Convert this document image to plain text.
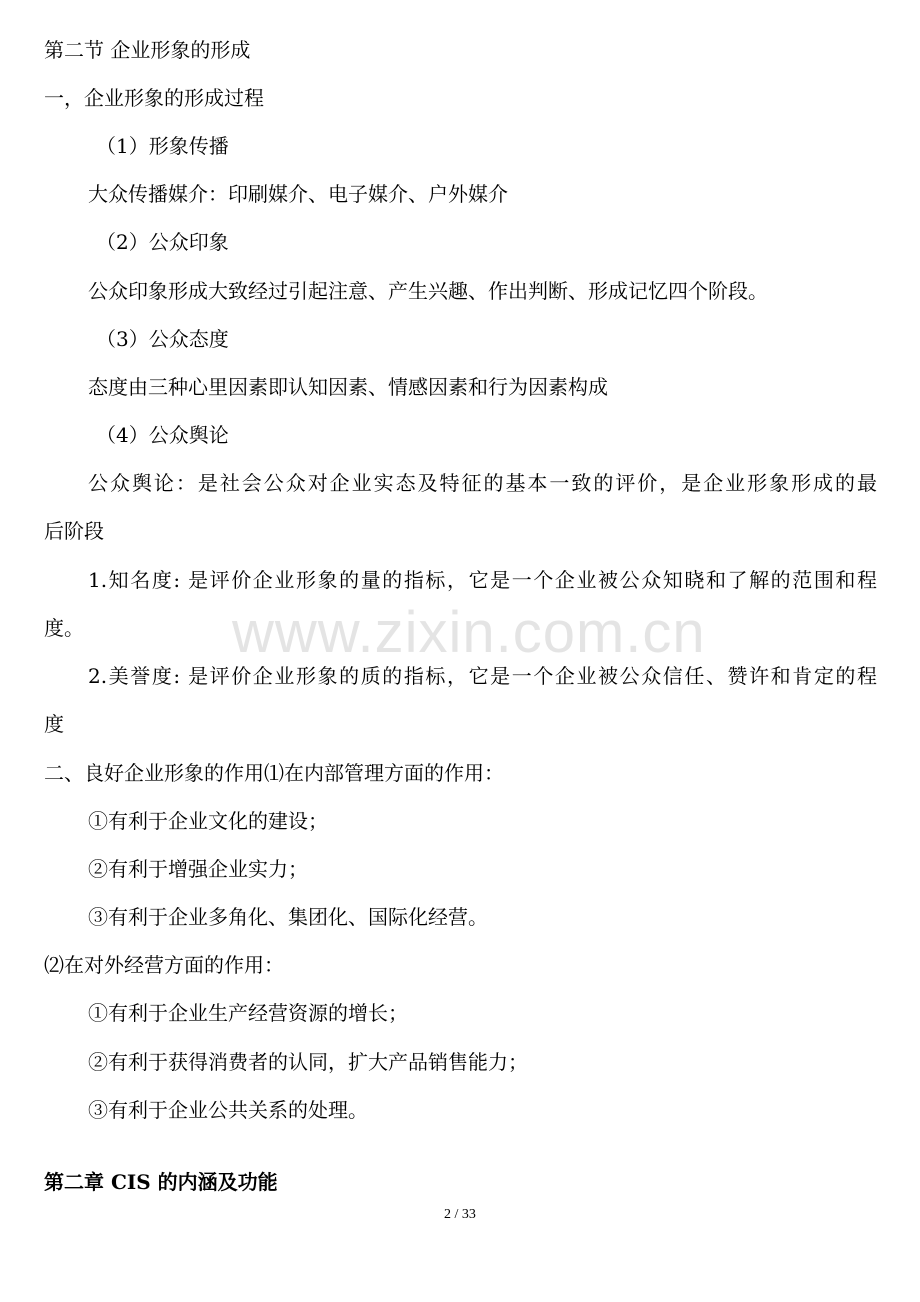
第二节 企业形象的形成
一，企业形象的形成过程
（1）形象传播
大众传播媒介：印刷媒介、电子媒介、户外媒介
（2）公众印象
公众印象形成大致经过引起注意、产生兴趣、作出判断、形成记忆四个阶段。
（3）公众态度
态度由三种心里因素即认知因素、情感因素和行为因素构成
（4）公众舆论
公众舆论：是社会公众对企业实态及特征的基本一致的评价，是企业形象形成的最
后阶段
1.知名度: 是评价企业形象的量的指标，它是一个企业被公众知晓和了解的范围和程
度。
2.美誉度: 是评价企业形象的质的指标，它是一个企业被公众信任、赞许和肯定的程
度
二、良好企业形象的作用⑴在内部管理方面的作用：
①有利于企业文化的建设；
②有利于增强企业实力；
③有利于企业多角化、集团化、国际化经营。
⑵在对外经营方面的作用：
①有利于企业生产经营资源的增长；
②有利于获得消费者的认同，扩大产品销售能力；
③有利于企业公共关系的处理。
第二章 CIS 的内涵及功能
www.zixin.com.cn
2 / 33
